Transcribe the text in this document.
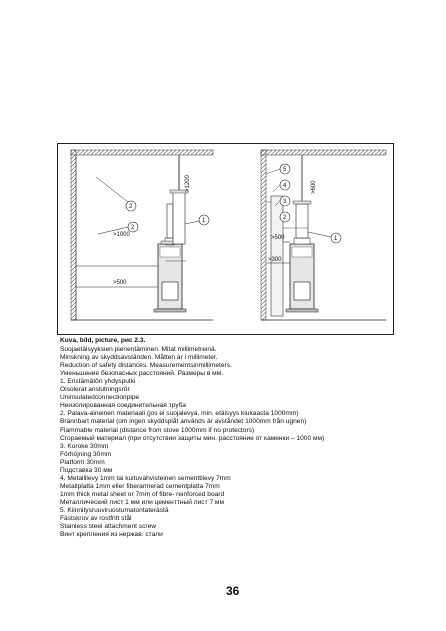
>1000
>500
>1200
2
2
1
>500
>300
>600
5
4
3
2
1
Kuva, bild, picture, рис 2.3.
Suojaetäisyyksien pienentäminen. Mitat millimetreinä.
Minskning av skyddsavständen. Måtten är i millimeter.
Reduction of safety distances. Measurementsinmillimeters.
Уменьшение безопасных расстояний. Размеры в мм.
1. Eristämätön yhdysputki
Oisolerat anslutningsrör
Uninsulatedconnectionpipe
Неизолированная соединительная труба
2. Palava-aineinen materiaali (jos ei suojalevyä, min. etäisyys kiukaasta 1000mm)
Brännbart material (om ingen skyddsplåt används är avståndet 1000mm från ugnen)
Flammable material (distance from stove 1000mm if no protectors)
Сгораемый материал (при отсутствии защиты мин. расстояние от каменки – 1000 мм)
3. Koroke 30mm
Förhöjning 30mm
Platform 30mm
Подставка 30 мм
4. Metallilevy 1mm tai kuituvahvisteinen sementtilevy 7mm
Metallplatta 1mm eller fiberarmerad cementplatta 7mm
1mm thick metal sheet or 7mm of fibre- reinforced board
Металлический лист 1 мм или цементтный лист 7 мм
5. Kiinnitysruuviruostumatontaterästä
Fästskruv av rostfritt stål
Stainless steel attachment screw
Винт крепления из нержав. стали
36
